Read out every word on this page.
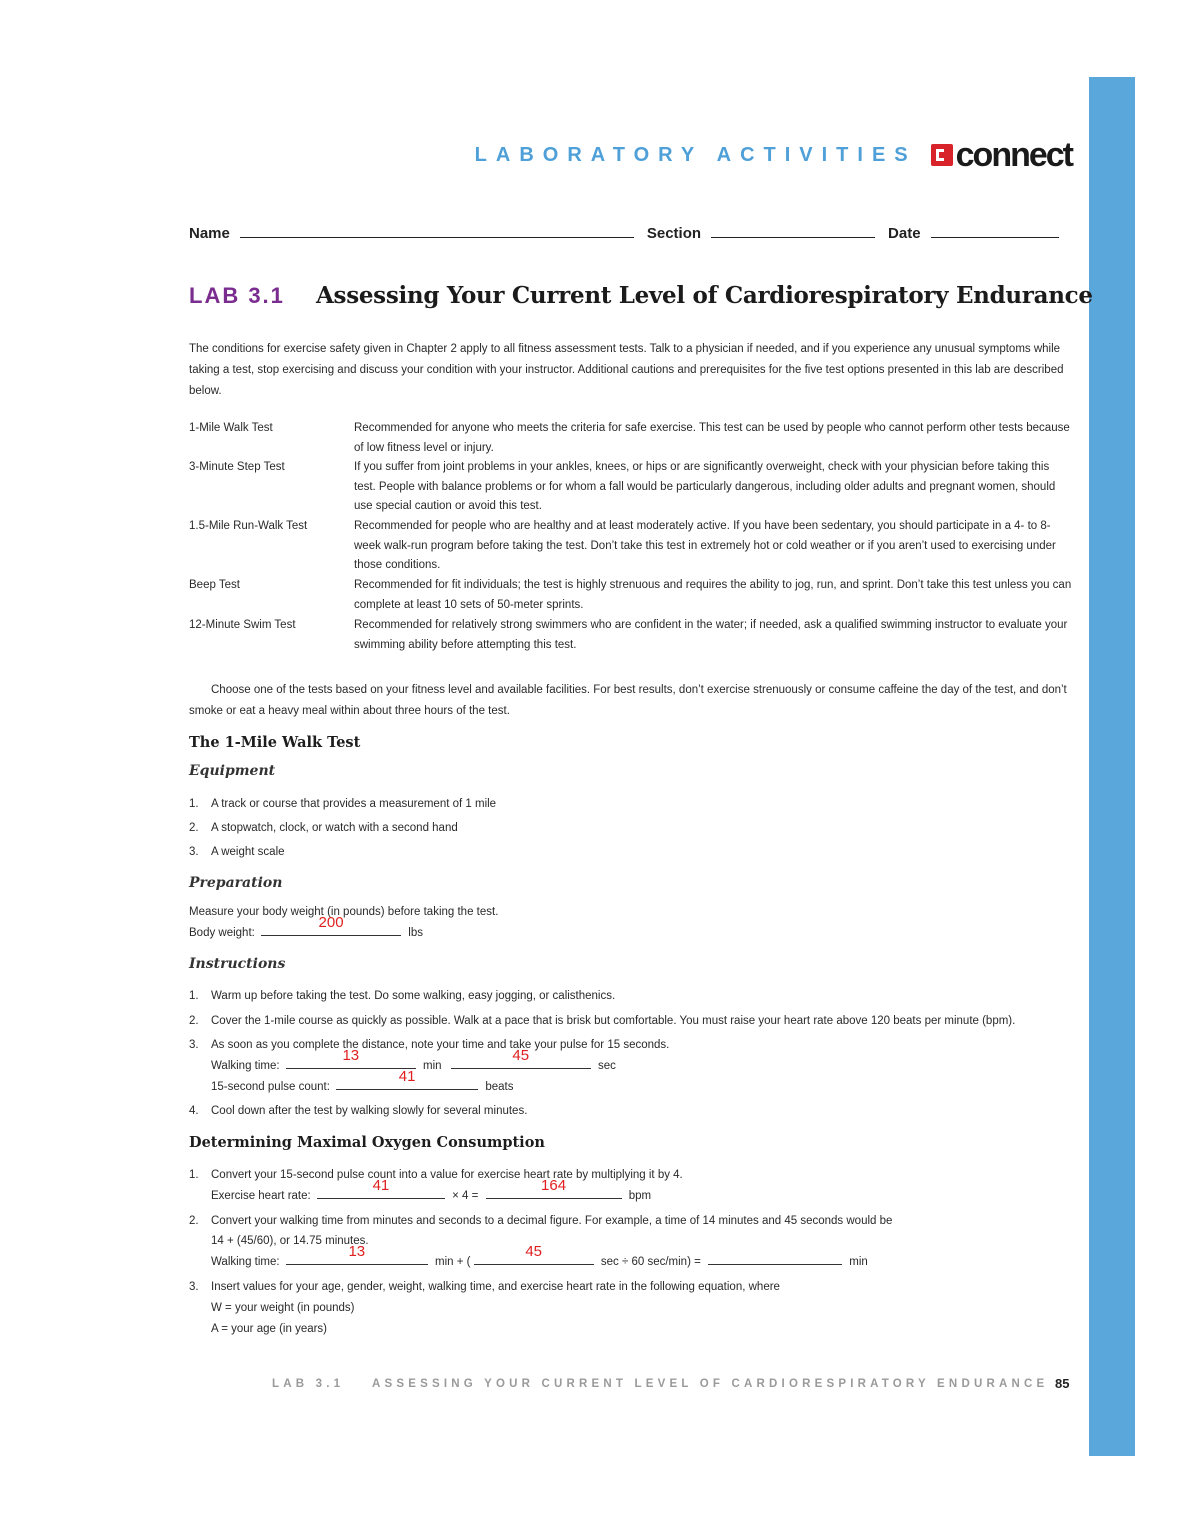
LABORATORY ACTIVITIES connect
Name	Section	Date
LAB 3.1	Assessing Your Current Level of Cardiorespiratory Endurance
The conditions for exercise safety given in Chapter 2 apply to all fitness assessment tests. Talk to a physician if needed, and if you experience any unusual symptoms while taking a test, stop exercising and discuss your condition with your instructor. Additional cautions and prerequisites for the five test options presented in this lab are described below.
1-Mile Walk Test	Recommended for anyone who meets the criteria for safe exercise. This test can be used by people who cannot perform other tests because of low fitness level or injury.
3-Minute Step Test	If you suffer from joint problems in your ankles, knees, or hips or are significantly overweight, check with your physician before taking this test. People with balance problems or for whom a fall would be particularly dangerous, including older adults and pregnant women, should use special caution or avoid this test.
1.5-Mile Run-Walk Test	Recommended for people who are healthy and at least moderately active. If you have been sedentary, you should participate in a 4- to 8-week walk-run program before taking the test. Don’t take this test in extremely hot or cold weather or if you aren’t used to exercising under those conditions.
Beep Test	Recommended for fit individuals; the test is highly strenuous and requires the ability to jog, run, and sprint. Don’t take this test unless you can complete at least 10 sets of 50-meter sprints.
12-Minute Swim Test	Recommended for relatively strong swimmers who are confident in the water; if needed, ask a qualified swimming instructor to evaluate your swimming ability before attempting this test.
Choose one of the tests based on your fitness level and available facilities. For best results, don’t exercise strenuously or consume caffeine the day of the test, and don’t smoke or eat a heavy meal within about three hours of the test.
The 1-Mile Walk Test
Equipment
1. A track or course that provides a measurement of 1 mile
2. A stopwatch, clock, or watch with a second hand
3. A weight scale
Preparation
Measure your body weight (in pounds) before taking the test.
Body weight:
200
lbs
Instructions
1. Warm up before taking the test. Do some walking, easy jogging, or calisthenics.
2. Cover the 1-mile course as quickly as possible. Walk at a pace that is brisk but comfortable. You must raise your heart rate above 120 beats per minute (bpm).
3. As soon as you complete the distance, note your time and take your pulse for 15 seconds.
Walking time:
13
min
45
sec
15-second pulse count:
41
beats
4. Cool down after the test by walking slowly for several minutes.
Determining Maximal Oxygen Consumption
1. Convert your 15-second pulse count into a value for exercise heart rate by multiplying it by 4.
Exercise heart rate:
41
× 4 =
164
bpm
2. Convert your walking time from minutes and seconds to a decimal figure. For example, a time of 14 minutes and 45 seconds would be
14 + (45/60), or 14.75 minutes.
Walking time:
13
min + (
45
sec ÷ 60 sec/min) =	min
3. Insert values for your age, gender, weight, walking time, and exercise heart rate in the following equation, where
W = your weight (in pounds)
A = your age (in years)
LAB 3.1	ASSESSING YOUR CURRENT LEVEL OF CARDIORESPIRATORY ENDURANCE 85
